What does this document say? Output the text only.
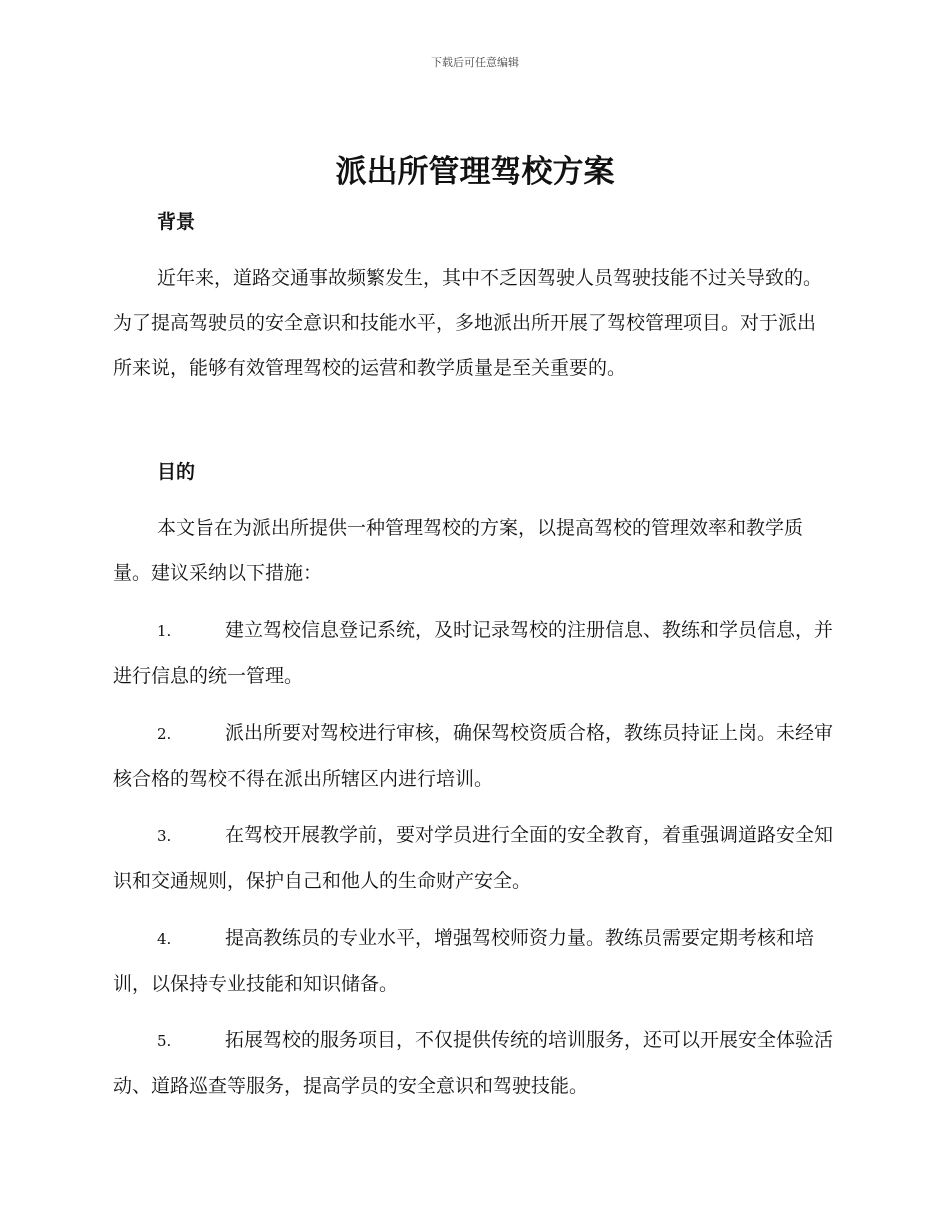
下载后可任意编辑
派出所管理驾校方案
背景

近年来，道路交通事故频繁发生，其中不乏因驾驶人员驾驶技能不过关导致的。为了提高驾驶员的安全意识和技能水平，多地派出所开展了驾校管理项目。对于派出所来说，能够有效管理驾校的运营和教学质量是至关重要的。

目的

本文旨在为派出所提供一种管理驾校的方案，以提高驾校的管理效率和教学质量。建议采纳以下措施：

1.	建立驾校信息登记系统，及时记录驾校的注册信息、教练和学员信息，并进行信息的统一管理。

2.	派出所要对驾校进行审核，确保驾校资质合格，教练员持证上岗。未经审核合格的驾校不得在派出所辖区内进行培训。

3.	在驾校开展教学前，要对学员进行全面的安全教育，着重强调道路安全知识和交通规则，保护自己和他人的生命财产安全。

4.	提高教练员的专业水平，增强驾校师资力量。教练员需要定期考核和培训，以保持专业技能和知识储备。

5.	拓展驾校的服务项目，不仅提供传统的培训服务，还可以开展安全体验活动、道路巡查等服务，提高学员的安全意识和驾驶技能。
